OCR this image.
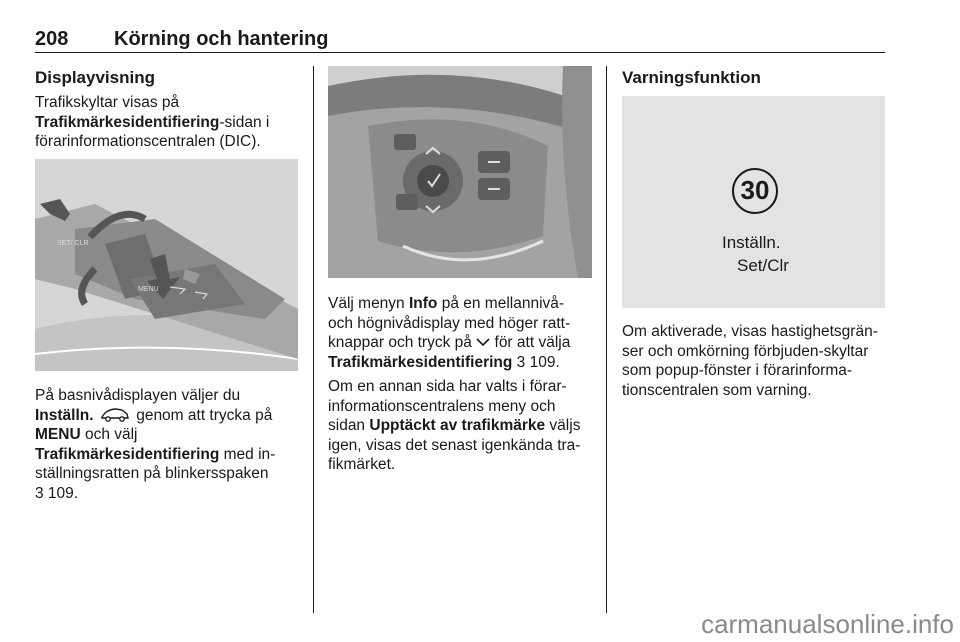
208 Körning och hantering

Displayvisning

Trafikskyltar visas på
Trafikmärkesidentifiering-sidan i
förarinformationscentralen (DIC).

SET/ CLR
MENU

På basnivådisplayen väljer du
Inställn.  genom att trycka på
MENU och välj
Trafikmärkesidentifiering med in-
ställningsratten på blinkersspaken
3 109.

Välj menyn Info på en mellannivå-
och högnivådisplay med höger ratt-
knappar och tryck på  för att välja
Trafikmärkesidentifiering 3 109.

Om en annan sida har valts i förar-
informationscentralens meny och
sidan Upptäckt av trafikmärke väljs
igen, visas det senast igenkända tra-
fikmärket.

Varningsfunktion

30
Inställn.
Set/Clr

Om aktiverade, visas hastighetsgrän-
ser och omkörning förbjuden-skyltar
som popup-fönster i förarinforma-
tionscentralen som varning.

carmanualsonline.info
